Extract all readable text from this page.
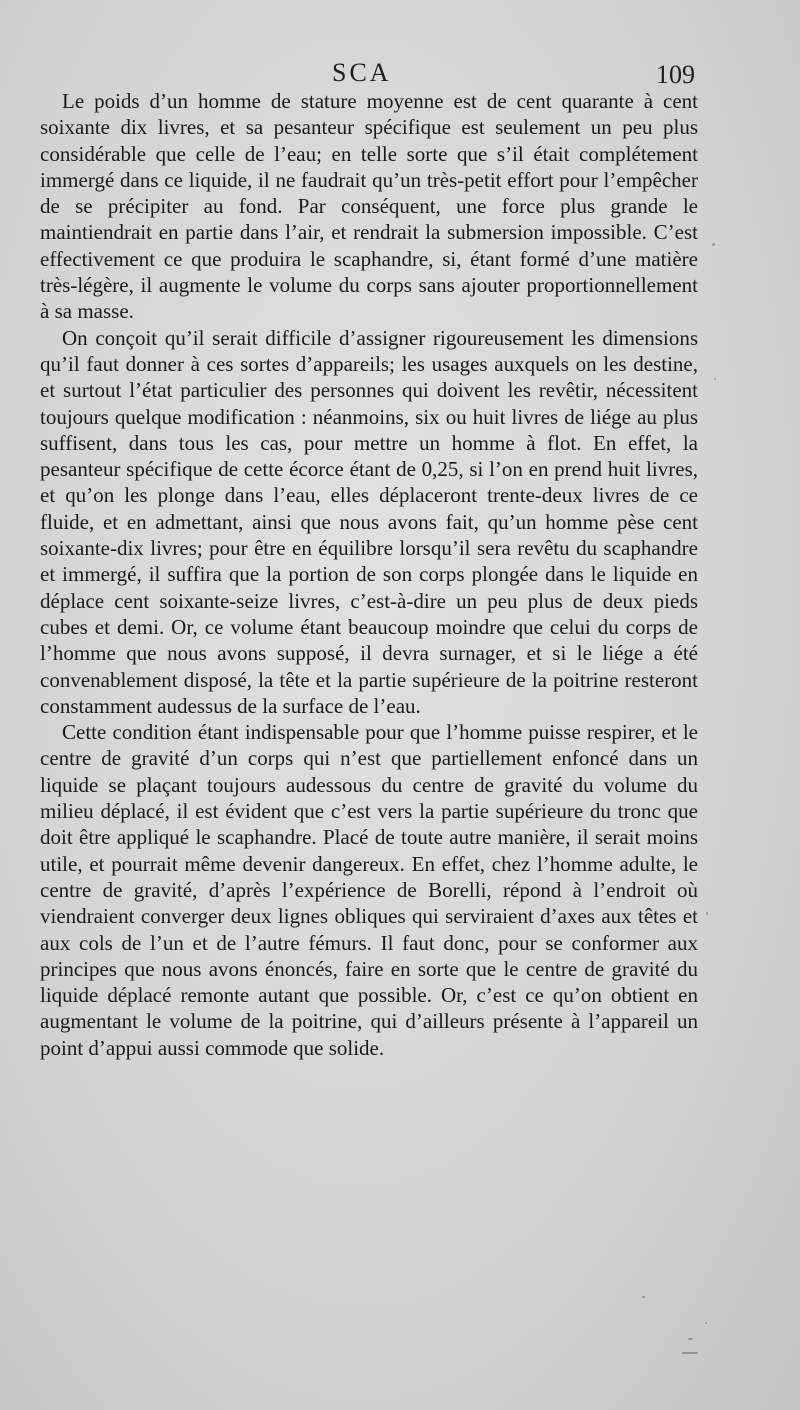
SCA	109

Le poids d’un homme de stature moyenne est de cent quarante à cent soixante dix livres, et sa pesanteur spécifique est seulement un peu plus considérable que celle de l’eau; en telle sorte que s’il était complétement immergé dans ce liquide, il ne faudrait qu’un très-petit effort pour l’empêcher de se précipiter au fond. Par conséquent, une force plus grande le maintiendrait en partie dans l’air, et rendrait la submersion impossible. C’est effectivement ce que produira le scaphandre, si, étant formé d’une matière très-légère, il augmente le volume du corps sans ajouter proportionnellement à sa masse.

On conçoit qu’il serait difficile d’assigner rigoureusement les dimensions qu’il faut donner à ces sortes d’appareils; les usages auxquels on les destine, et surtout l’état particulier des personnes qui doivent les revêtir, nécessitent toujours quelque modification : néanmoins, six ou huit livres de liége au plus suffisent, dans tous les cas, pour mettre un homme à flot. En effet, la pesanteur spécifique de cette écorce étant de 0,25, si l’on en prend huit livres, et qu’on les plonge dans l’eau, elles déplaceront trente-deux livres de ce fluide, et en admettant, ainsi que nous avons fait, qu’un homme pèse cent soixante-dix livres; pour être en équilibre lorsqu’il sera revêtu du scaphandre et immergé, il suffira que la portion de son corps plongée dans le liquide en déplace cent soixante-seize livres, c’est-à-dire un peu plus de deux pieds cubes et demi. Or, ce volume étant beaucoup moindre que celui du corps de l’homme que nous avons supposé, il devra surnager, et si le liége a été convenablement disposé, la tête et la partie supérieure de la poitrine resteront constamment audessus de la surface de l’eau.

Cette condition étant indispensable pour que l’homme puisse respirer, et le centre de gravité d’un corps qui n’est que partiellement enfoncé dans un liquide se plaçant toujours audessous du centre de gravité du volume du milieu déplacé, il est évident que c’est vers la partie supérieure du tronc que doit être appliqué le scaphandre. Placé de toute autre manière, il serait moins utile, et pourrait même devenir dangereux. En effet, chez l’homme adulte, le centre de gravité, d’après l’expérience de Borelli, répond à l’endroit où viendraient converger deux lignes obliques qui serviraient d’axes aux têtes et aux cols de l’un et de l’autre fémurs. Il faut donc, pour se conformer aux principes que nous avons énoncés, faire en sorte que le centre de gravité du liquide déplacé remonte autant que possible. Or, c’est ce qu’on obtient en augmentant le volume de la poitrine, qui d’ailleurs présente à l’appareil un point d’appui aussi commode que solide.
